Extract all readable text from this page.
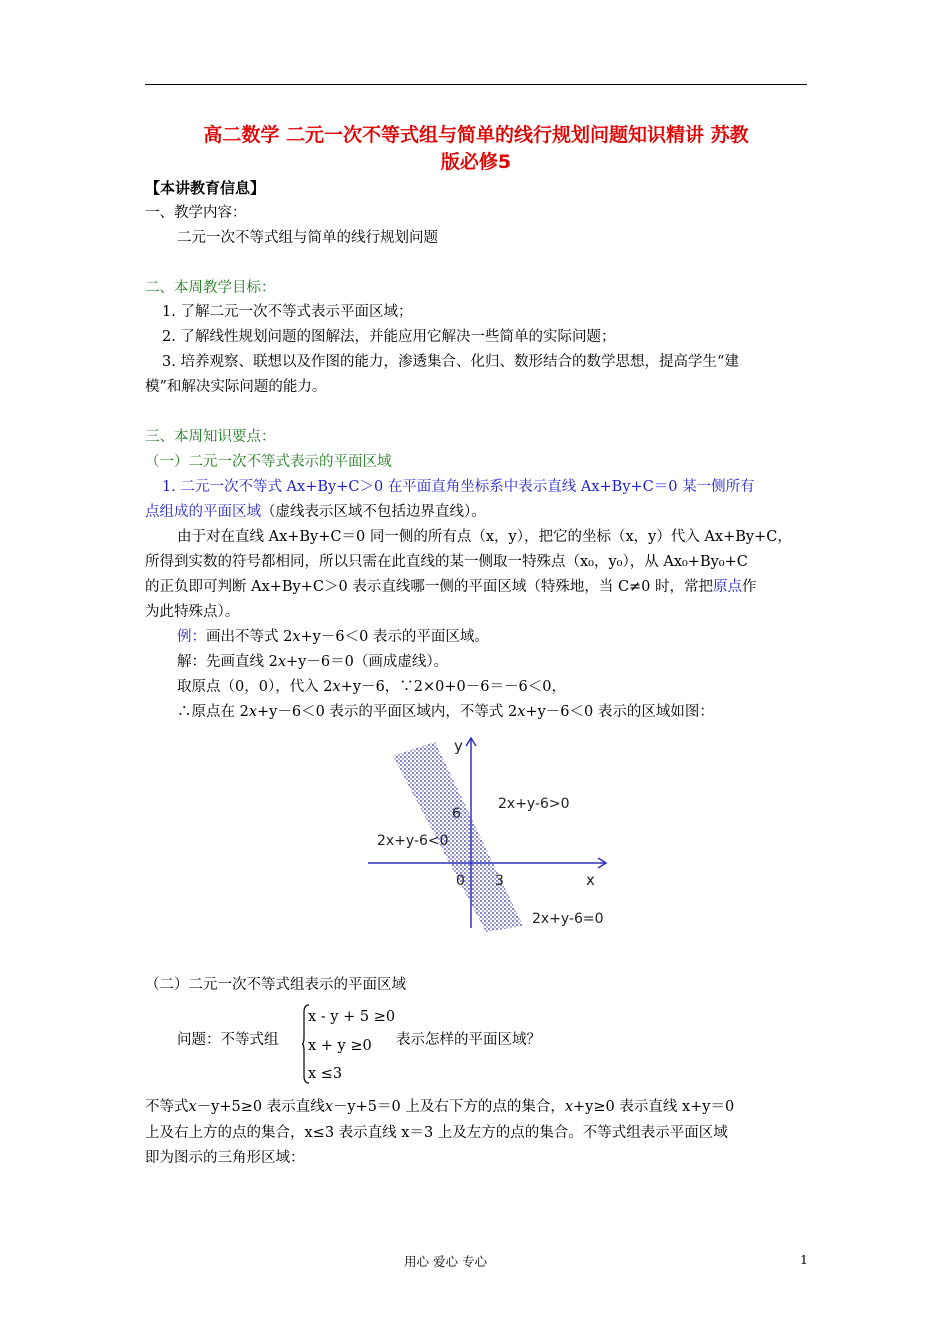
高二数学 二元一次不等式组与简单的线行规划问题知识精讲 苏教
版必修5
【本讲教育信息】
一、教学内容：
二元一次不等式组与简单的线行规划问题
二、本周教学目标：
1. 了解二元一次不等式表示平面区域；
2. 了解线性规划问题的图解法，并能应用它解决一些简单的实际问题；
3. 培养观察、联想以及作图的能力，渗透集合、化归、数形结合的数学思想，提高学生“建
模”和解决实际问题的能力。
三、本周知识要点：
（一）二元一次不等式表示的平面区域
1. 二元一次不等式 Ax+By+C＞0 在平面直角坐标系中表示直线 Ax+By+C＝0 某一侧所有
点组成的平面区域（虚线表示区域不包括边界直线）。
由于对在直线 Ax+By+C＝0 同一侧的所有点（x，y），把它的坐标（x，y）代入 Ax+By+C，
所得到实数的符号都相同，所以只需在此直线的某一侧取一特殊点（x₀，y₀），从 Ax₀+By₀+C
的正负即可判断 Ax+By+C＞0 表示直线哪一侧的平面区域（特殊地，当 C≠0 时，常把原点作
为此特殊点）。
例：画出不等式 2x+y－6＜0 表示的平面区域。
解：先画直线 2x+y－6＝0（画成虚线）。
取原点（0，0），代入 2x+y－6，∵2×0+0－6＝－6＜0，
∴原点在 2x+y－6＜0 表示的平面区域内，不等式 2x+y－6＜0 表示的区域如图：
y
x
6
0 3
2x+y-6>0
2x+y-6<0
2x+y-6=0
（二）二元一次不等式组表示的平面区域
问题：不等式组
x - y + 5 ≥0
x + y ≥0
x ≤3
表示怎样的平面区域？
不等式x－y+5≥0 表示直线x－y+5＝0 上及右下方的点的集合，x+y≥0 表示直线 x+y＝0
上及右上方的点的集合，x≤3 表示直线 x＝3 上及左方的点的集合。不等式组表示平面区域
即为图示的三角形区域：
用心 爱心 专心	1
